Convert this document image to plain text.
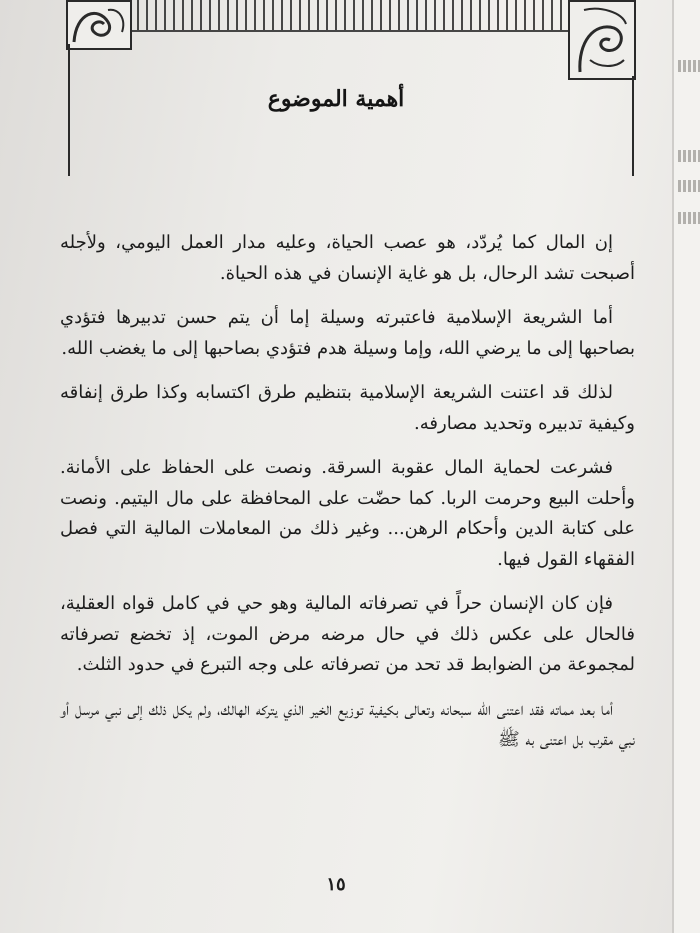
أهمية الموضوع

إن المال كما يُردّد، هو عصب الحياة، وعليه مدار العمل اليومي، ولأجله أصبحت تشد الرحال، بل هو غاية الإنسان في هذه الحياة.

أما الشريعة الإسلامية فاعتبرته وسيلة إما أن يتم حسن تدبيرها فتؤدي بصاحبها إلى ما يرضي الله، وإما وسيلة هدم فتؤدي بصاحبها إلى ما يغضب الله.

لذلك قد اعتنت الشريعة الإسلامية بتنظيم طرق اكتسابه وكذا طرق إنفاقه وكيفية تدبيره وتحديد مصارفه.

فشرعت لحماية المال عقوبة السرقة. ونصت على الحفاظ على الأمانة. وأحلت البيع وحرمت الربا. كما حضّت على المحافظة على مال اليتيم. ونصت على كتابة الدين وأحكام الرهن... وغير ذلك من المعاملات المالية التي فصل الفقهاء القول فيها.

فإن كان الإنسان حراً في تصرفاته المالية وهو حي في كامل قواه العقلية، فالحال على عكس ذلك في حال مرضه مرض الموت، إذ تخضع تصرفاته لمجموعة من الضوابط قد تحد من تصرفاته على وجه التبرع في حدود الثلث.

أما بعد مماته فقد اعتنى الله سبحانه وتعالى بكيفية توزيع الخير الذي يتركه الهالك، ولم يكل ذلك إلى نبي مرسل أو نبي مقرب بل اعتنى به ﷺ

١٥
